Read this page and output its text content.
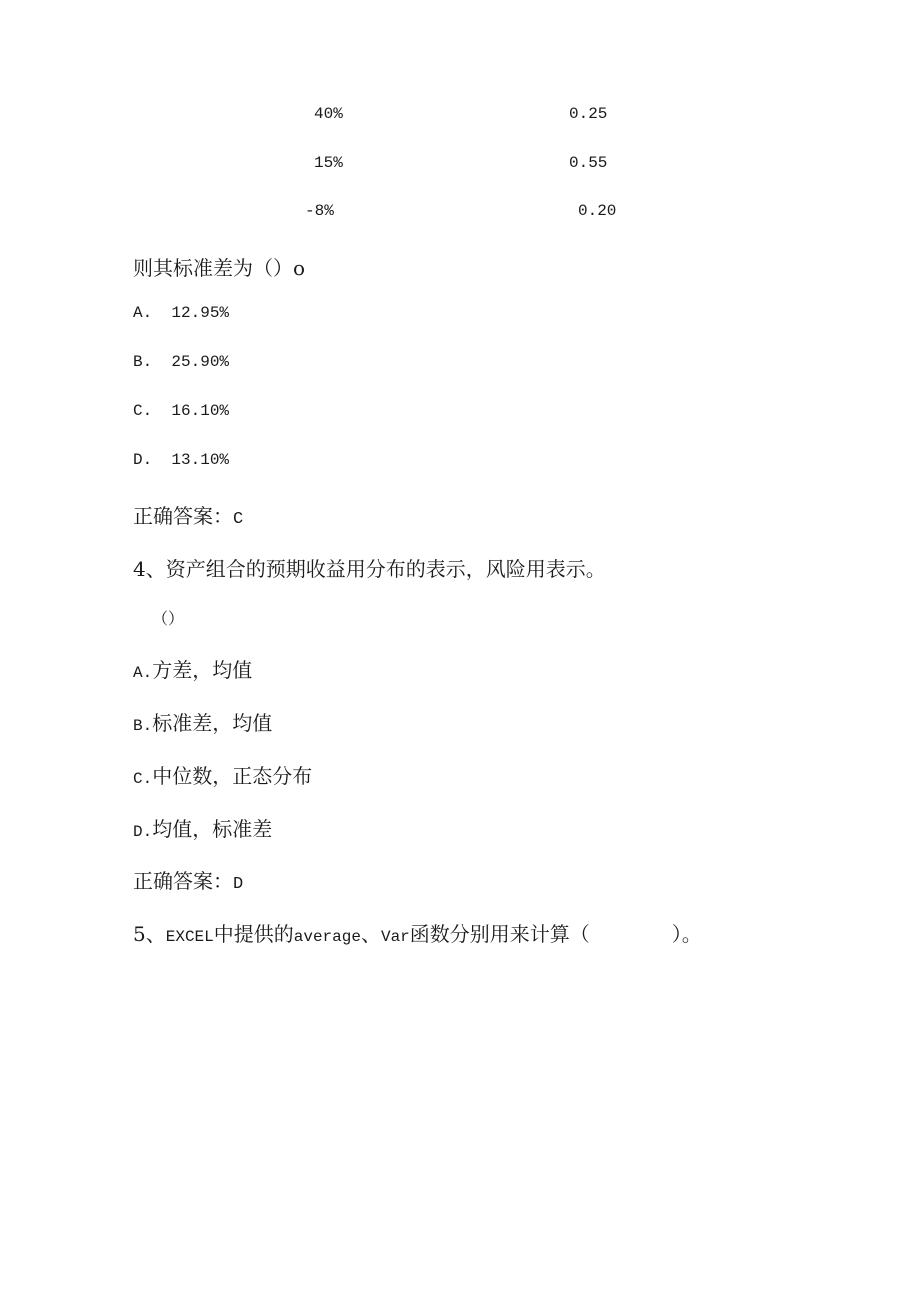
40%	0.25
15%	0.55
-8%	0.20
则其标准差为（）o
A. 12.95%
B. 25.90%
C. 16.10%
D. 13.10%
正确答案：C
4、资产组合的预期收益用分布的表示，风险用表示。
（）
A.方差，均值
B.标准差，均值
C.中位数，正态分布
D.均值，标准差
正确答案：D
5、EXCEL中提供的average、Var函数分别用来计算（	）。
